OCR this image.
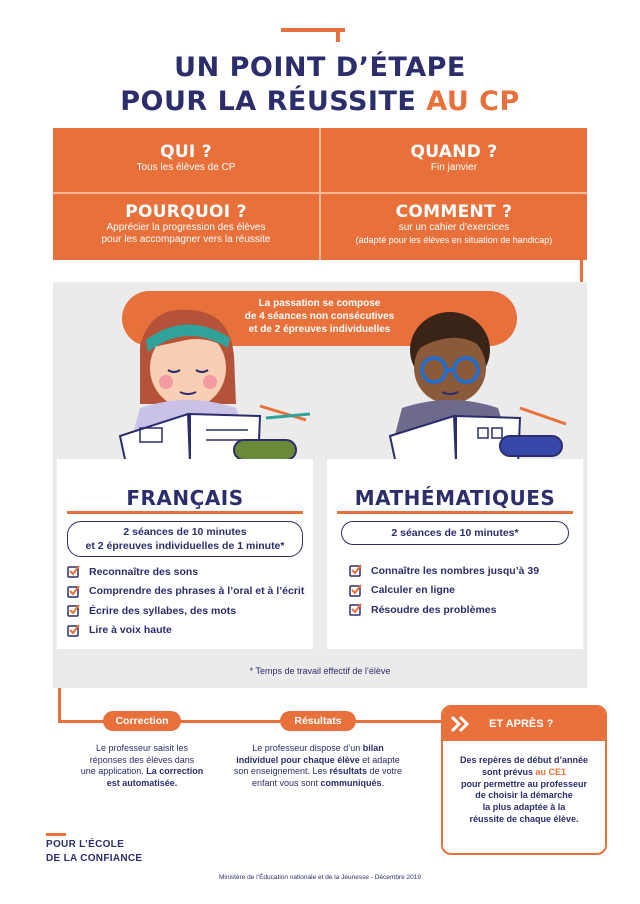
UN POINT D’ÉTAPE
POUR LA RÉUSSITE AU CP
QUI ?
Tous les élèves de CP
QUAND ?
Fin janvier
POURQUOI ?
Apprécier la progression des élèves
pour les accompagner vers la réussite
COMMENT ?
sur un cahier d’exercices
(adapté pour les élèves en situation de handicap)
La passation se compose
de 4 séances non consécutives
et de 2 épreuves individuelles
FRANÇAIS
2 séances de 10 minutes
et 2 épreuves individuelles de 1 minute*
Reconnaître des sons
Comprendre des phrases à l’oral et à l’écrit
Écrire des syllabes, des mots
Lire à voix haute
MATHÉMATIQUES
2 séances de 10 minutes*
Connaître les nombres jusqu’à 39
Calculer en ligne
Résoudre des problèmes
* Temps de travail effectif de l’élève
Correction
Le professeur saisit les
réponses des élèves dans
une application. La correction
est automatisée.
Résultats
Le professeur dispose d’un bilan
individuel pour chaque élève et adapte
son enseignement. Les résultats de votre
enfant vous sont communiqués.
ET APRÈS ?
Des repères de début d’année
sont prévus au CE1
pour permettre au professeur
de choisir la démarche
la plus adaptée à la
réussite de chaque élève.
POUR L’ÉCOLE
DE LA CONFIANCE
Ministère de l’Éducation nationale et de la Jeunesse - Décembre 2019
